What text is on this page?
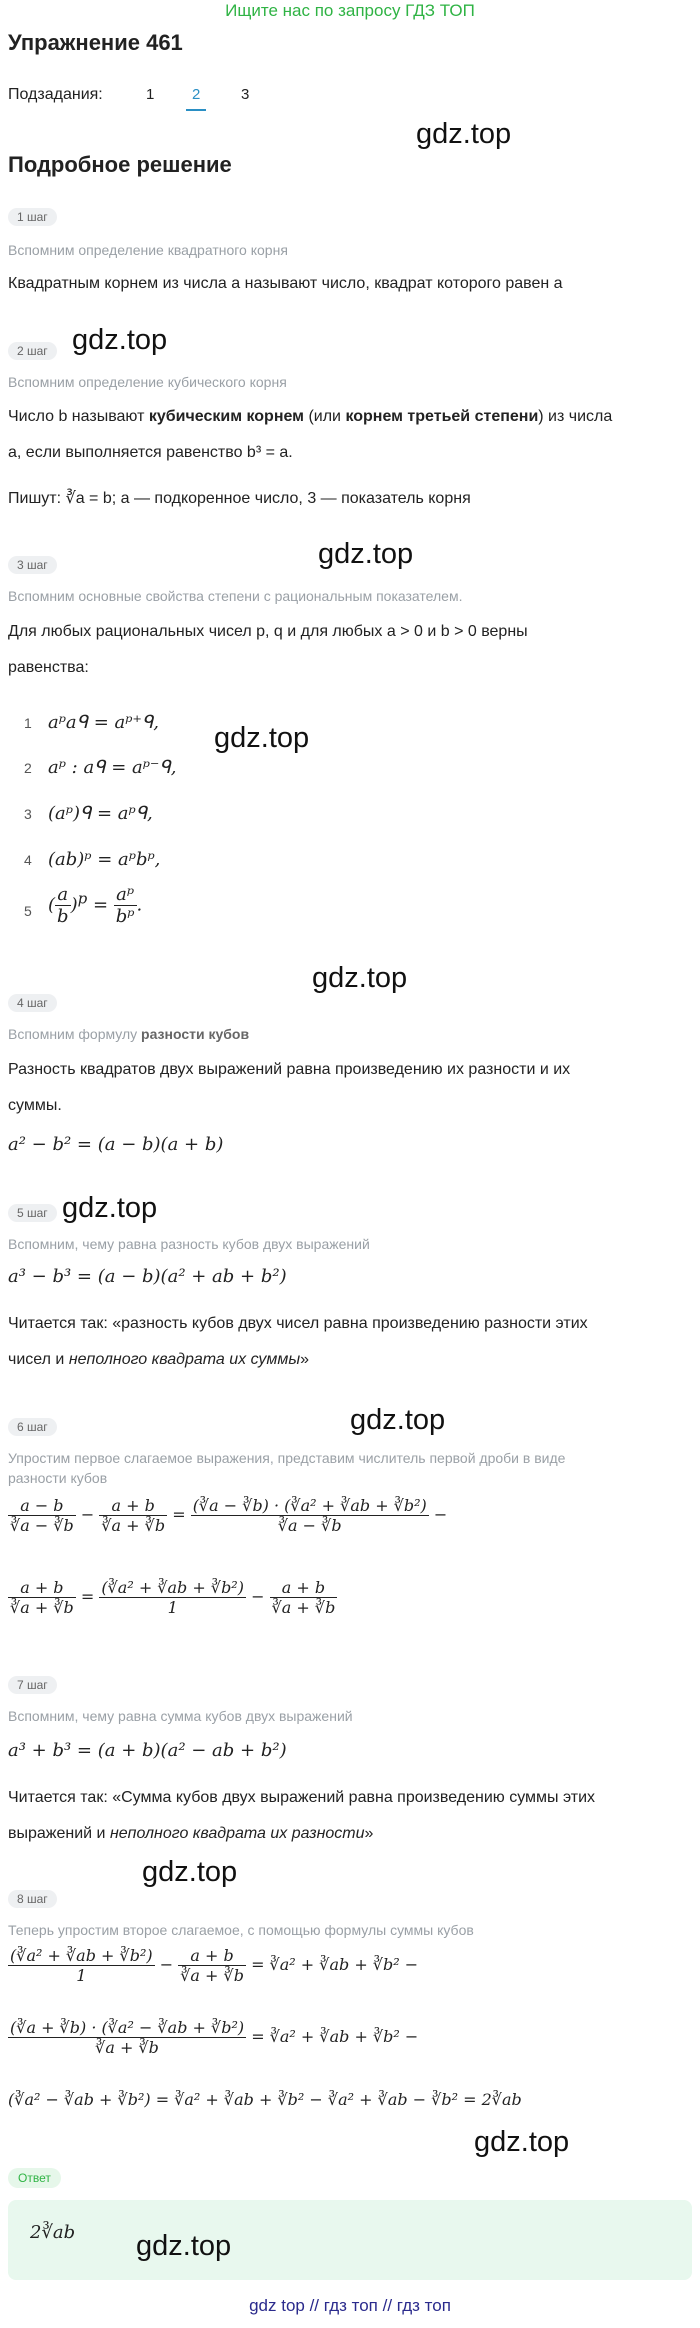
Ищите нас по запросу ГДЗ ТОП
Упражнение 461
Подзадания:	1	2	3
gdz.top
Подробное решение
1 шаг
Вспомним определение квадратного корня
Квадратным корнем из числа a называют число, квадрат которого равен a
2 шаг gdz.top
Вспомним определение кубического корня
Число b называют кубическим корнем (или корнем третьей степени) из числа
a, если выполняется равенство b³ = a.
Пишут: ∛a = b; a — подкоренное число, 3 — показатель корня
gdz.top
3 шаг
Вспомним основные свойства степени с рациональным показателем.
Для любых рациональных чисел p, q и для любых a > 0 и b > 0 верны
равенства:
1 aᵖaᑫ = aᵖ⁺ᑫ,
2 aᵖ : aᑫ = aᵖ⁻ᑫ,
gdz.top
3 (aᵖ)ᑫ = aᵖᑫ,
4 (ab)ᵖ = aᵖbᵖ,
5 ( $\frac{a}{b} )^p = \frac{\text{aᵖ}}{\text{bᵖ}}$ .
gdz.top
4 шаг
Вспомним формулу разности кубов
Разность квадратов двух выражений равна произведению их разности и их
суммы.
a² − b² = (a − b)(a + b)
5 шаг gdz.top
Вспомним, чему равна разность кубов двух выражений
a³ − b³ = (a − b)(a² + ab + b²)
Читается так: «разность кубов двух чисел равна произведению разности этих
чисел и неполного квадрата их суммы»
gdz.top
6 шаг
Упростим первое слагаемое выражения, представим числитель первой дроби в виде
разности кубов
$\frac{a - b}{∛a - ∛b} - \frac{a + b}{∛a + ∛b} = \frac{\text{(∛a − ∛b) · (∛a² + ∛ab + ∛b²)}}{∛a - ∛b}$ −
$\frac{a + b}{∛a + ∛b} = \frac{\text{(∛a² + ∛ab + ∛b²)}}{1} - \frac{a + b}{∛a + ∛b}$
7 шаг
Вспомним, чему равна сумма кубов двух выражений
a³ + b³ = (a + b)(a² − ab + b²)
Читается так: «Сумма кубов двух выражений равна произведению суммы этих
выражений и неполного квадрата их разности»
8 шаг
gdz.top
Теперь упростим второе слагаемое, с помощью формулы суммы кубов
$\frac{\text{(∛a² + ∛ab + ∛b²)}}{1} - \frac{a + b}{∛a + ∛b}$ = ∛a² + ∛ab + ∛b² −
$\frac{\text{(∛a + ∛b) · (∛a² − ∛ab + ∛b²)}}{∛a + ∛b}$ = ∛a² + ∛ab + ∛b² −
(∛a² − ∛ab + ∛b²) = ∛a² + ∛ab + ∛b² − ∛a² + ∛ab − ∛b² = 2∛ab
gdz.top
Ответ
2∛ab gdz.top
gdz top // гдз топ // гдз топ
